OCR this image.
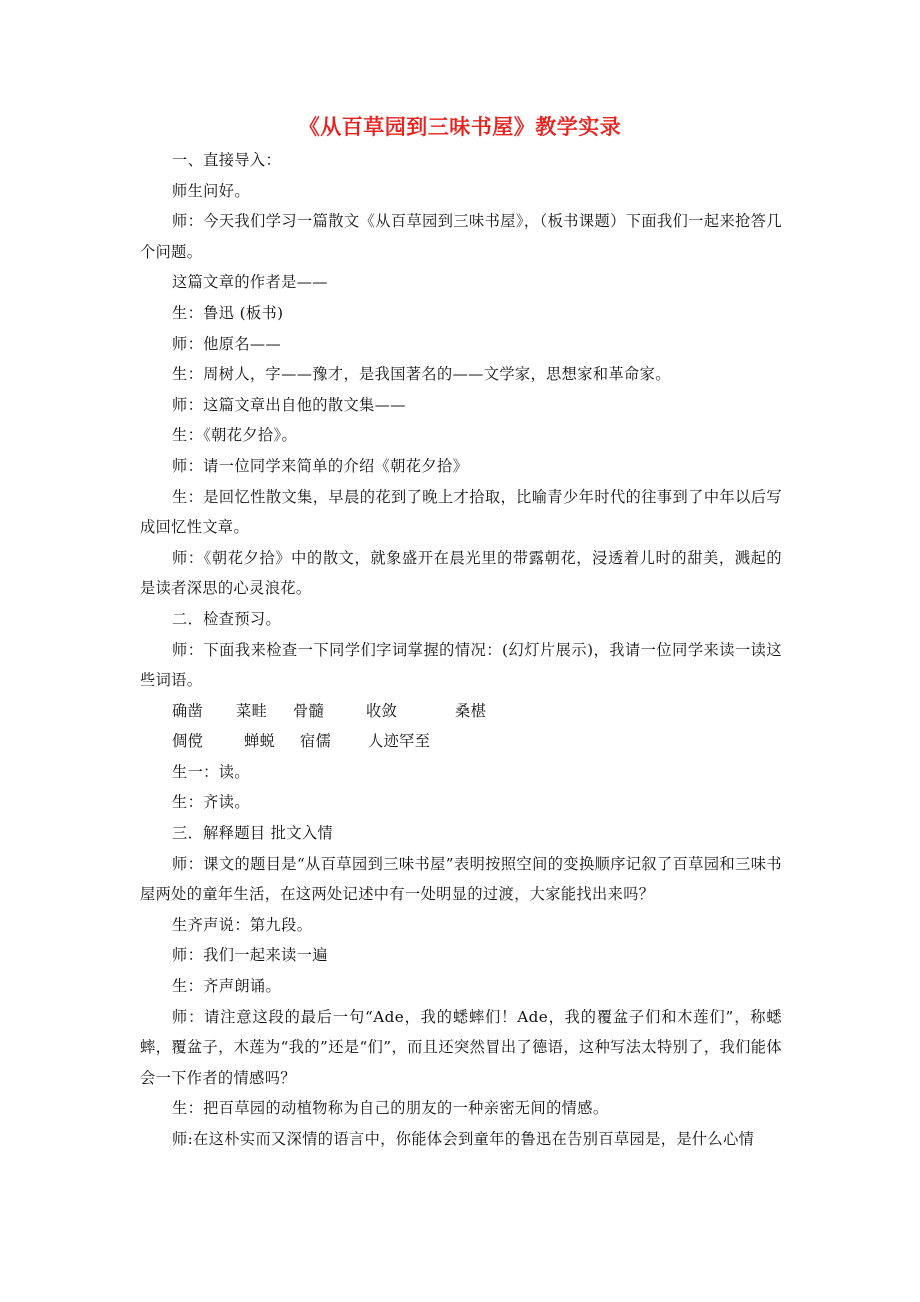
《从百草园到三味书屋》教学实录

一、直接导入：

师生问好。

师：今天我们学习一篇散文《从百草园到三味书屋》，（板书课题）下面我们一起来抢答几个问题。

这篇文章的作者是——

生：鲁迅 (板书)

师：他原名——

生：周树人，字——豫才，是我国著名的——文学家，思想家和革命家。

师：这篇文章出自他的散文集——

生：《朝花夕拾》。

师：请一位同学来简单的介绍《朝花夕拾》

生：是回忆性散文集，早晨的花到了晚上才拾取，比喻青少年时代的往事到了中年以后写成回忆性文章。

师：《朝花夕拾》中的散文，就象盛开在晨光里的带露朝花，浸透着儿时的甜美，溅起的是读者深思的心灵浪花。

二．检查预习。

师：下面我来检查一下同学们字词掌握的情况：(幻灯片展示)，我请一位同学来读一读这些词语。

确凿	菜畦	骨髓	收敛	桑椹
倜傥	蝉蜕	宿儒	人迹罕至

生一：读。

生：齐读。

三．解释题目 批文入情

师：课文的题目是“从百草园到三味书屋”表明按照空间的变换顺序记叙了百草园和三味书屋两处的童年生活，在这两处记述中有一处明显的过渡，大家能找出来吗？

生齐声说：第九段。

师：我们一起来读一遍

生：齐声朗诵。

师：请注意这段的最后一句“Ade，我的蟋蟀们！Ade，我的覆盆子们和木莲们”，称蟋蟀，覆盆子，木莲为“我的”还是“们”，而且还突然冒出了德语，这种写法太特别了，我们能体会一下作者的情感吗？

生：把百草园的动植物称为自己的朋友的一种亲密无间的情感。

师:在这朴实而又深情的语言中，你能体会到童年的鲁迅在告别百草园是，是什么心情
